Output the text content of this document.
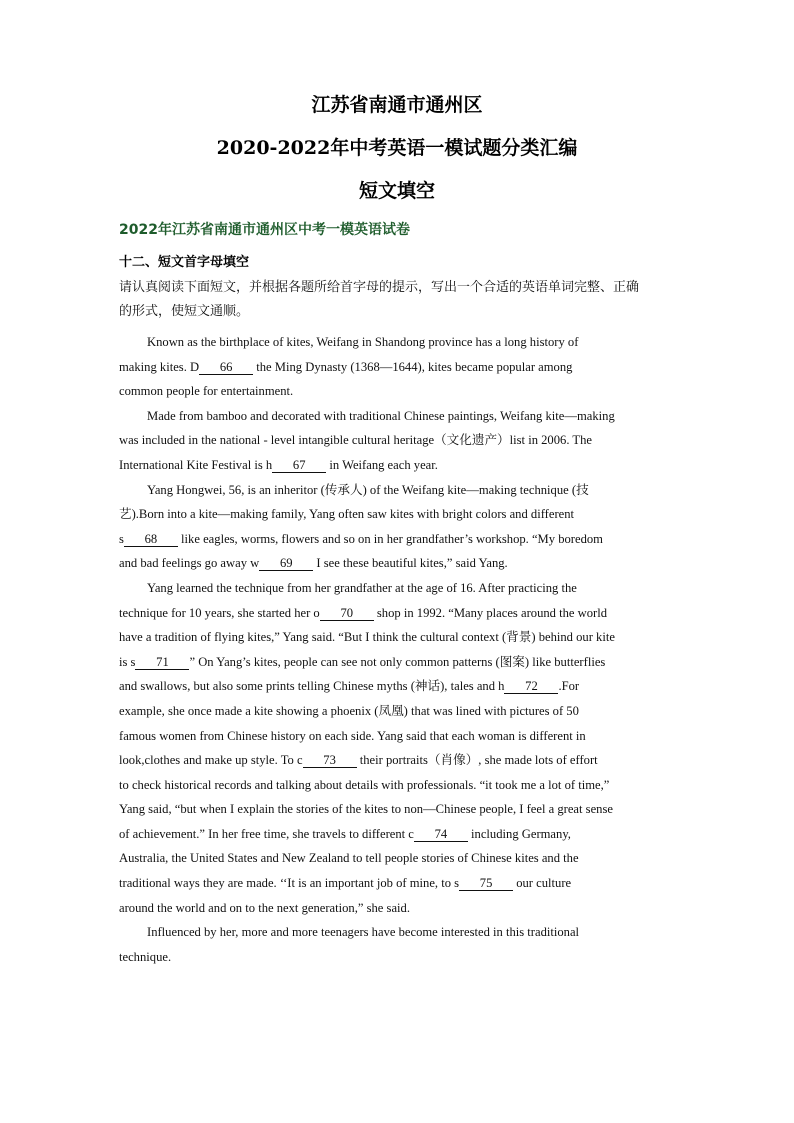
江苏省南通市通州区
2020-2022年中考英语一模试题分类汇编
短文填空
2022年江苏省南通市通州区中考一模英语试卷
十二、短文首字母填空
请认真阅读下面短文，并根据各题所给首字母的提示，写出一个合适的英语单词完整、正确
的形式，使短文通顺。
Known as the birthplace of kites, Weifang in Shandong province has a long history of
making kites. D 66 the Ming Dynasty (1368—1644), kites became popular among
common people for entertainment.
Made from bamboo and decorated with traditional Chinese paintings, Weifang kite—making
was included in the national - level intangible cultural heritage（文化遗产）list in 2006. The
International Kite Festival is h 67 in Weifang each year.
Yang Hongwei, 56, is an inheritor (传承人) of the Weifang kite—making technique (技
艺).Born into a kite—making family, Yang often saw kites with bright colors and different
s 68 like eagles, worms, flowers and so on in her grandfather’s workshop. “My boredom
and bad feelings go away w 69 I see these beautiful kites,” said Yang.
Yang learned the technique from her grandfather at the age of 16. After practicing the
technique for 10 years, she started her o 70 shop in 1992. “Many places around the world
have a tradition of flying kites,” Yang said. “But I think the cultural context (背景) behind our kite
is s 71 ” On Yang’s kites, people can see not only common patterns (图案) like butterflies
and swallows, but also some prints telling Chinese myths (神话), tales and h 72 .For
example, she once made a kite showing a phoenix (凤凰) that was lined with pictures of 50
famous women from Chinese history on each side. Yang said that each woman is different in
look,clothes and make up style. To c 73 their portraits（肖像）, she made lots of effort
to check historical records and talking about details with professionals. “it took me a lot of time,”
Yang said, “but when I explain the stories of the kites to non—Chinese people, I feel a great sense
of achievement.” In her free time, she travels to different c 74 including Germany,
Australia, the United States and New Zealand to tell people stories of Chinese kites and the
traditional ways they are made. ‘‘It is an important job of mine, to s 75 our culture
around the world and on to the next generation,” she said.
Influenced by her, more and more teenagers have become interested in this traditional
technique.
